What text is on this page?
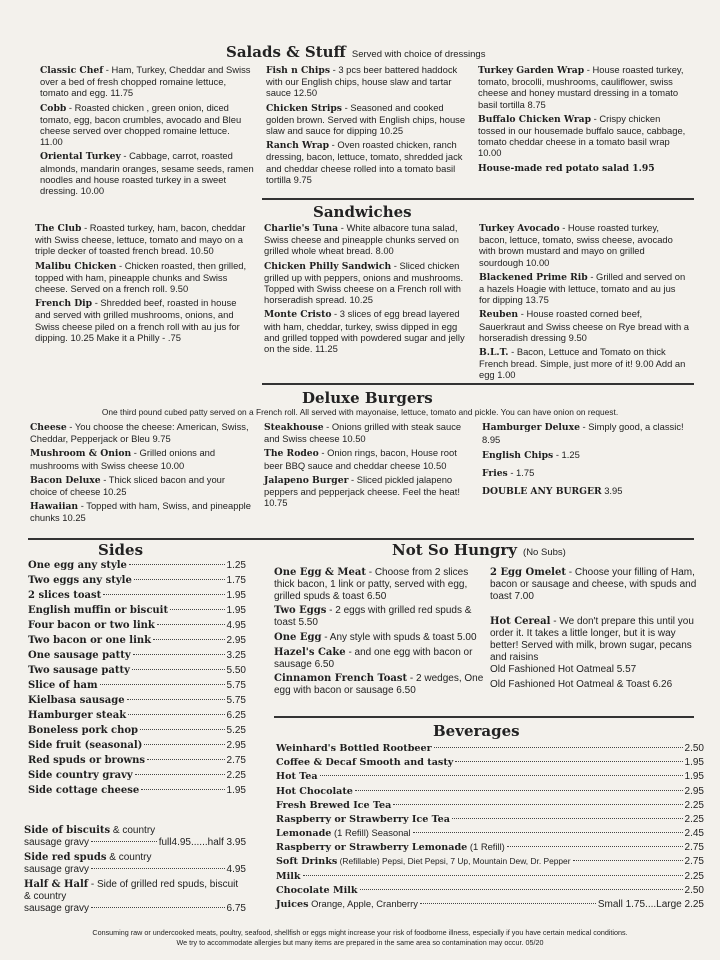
Salads & Stuff Served with choice of dressings
Classic Chef - Ham, Turkey, Cheddar and Swiss over a bed of fresh chopped romaine lettuce, tomato and egg. 11.75
Cobb - Roasted chicken , green onion, diced tomato, egg, bacon crumbles, avocado and Bleu cheese served over chopped romaine lettuce. 11.00
Oriental Turkey - Cabbage, carrot, roasted almonds, mandarin oranges, sesame seeds, ramen noodles and house roasted turkey in a sweet dressing. 10.00
Fish n Chips - 3 pcs beer battered haddock with our English chips, house slaw and tartar sauce 12.50
Chicken Strips - Seasoned and cooked golden brown. Served with English chips, house slaw and sauce for dipping 10.25
Ranch Wrap - Oven roasted chicken, ranch dressing, bacon, lettuce, tomato, shredded jack and cheddar cheese rolled into a tomato basil tortilla 9.75
Turkey Garden Wrap - House roasted turkey, tomato, brocolli, mushrooms, cauliflower, swiss cheese and honey mustard dressing in a tomato basil tortilla 8.75
Buffalo Chicken Wrap - Crispy chicken tossed in our housemade buffalo sauce, cabbage, tomato cheddar cheese in a tomato basil wrap 10.00
House-made red potato salad 1.95
Sandwiches
The Club - Roasted turkey, ham, bacon, cheddar with Swiss cheese, lettuce, tomato and mayo on a triple decker of toasted french bread. 10.50
Malibu Chicken - Chicken roasted, then grilled, topped with ham, pineapple chunks and Swiss cheese. Served on a french roll. 9.50
French Dip - Shredded beef, roasted in house and served with grilled mushrooms, onions, and Swiss cheese piled on a french roll with au jus for dipping. 10.25 Make it a Philly - .75
Charlie's Tuna - White albacore tuna salad, Swiss cheese and pineapple chunks served on grilled whole wheat bread. 8.00
Chicken Philly Sandwich - Sliced chicken grilled up with peppers, onions and mushrooms. Topped with Swiss cheese on a French roll with horseradish spread. 10.25
Monte Cristo - 3 slices of egg bread layered with ham, cheddar, turkey, swiss dipped in egg and grilled topped with powdered sugar and jelly on the side. 11.25
Turkey Avocado - House roasted turkey, bacon, lettuce, tomato, swiss cheese, avocado with brown mustard and mayo on grilled sourdough 10.00
Blackened Prime Rib - Grilled and served on a hazels Hoagie with lettuce, tomato and au jus for dipping 13.75
Reuben - House roasted corned beef, Sauerkraut and Swiss cheese on Rye bread with a horseradish dressing 9.50
B.L.T. - Bacon, Lettuce and Tomato on thick French bread. Simple, just more of it! 9.00 Add an egg 1.00
Deluxe Burgers
One third pound cubed patty served on a French roll. All served with mayonaise, lettuce, tomato and pickle. You can have onion on request.
Cheese - You choose the cheese: American, Swiss, Cheddar, Pepperjack or Bleu 9.75
Mushroom & Onion - Grilled onions and mushrooms with Swiss cheese 10.00
Bacon Deluxe - Thick sliced bacon and your choice of cheese 10.25
Hawaiian - Topped with ham, Swiss, and pineapple chunks 10.25
Steakhouse - Onions grilled with steak sauce and Swiss cheese 10.50
The Rodeo - Onion rings, bacon, House root beer BBQ sauce and cheddar cheese 10.50
Jalapeno Burger - Sliced pickled jalapeno peppers and pepperjack cheese. Feel the heat! 10.75
Hamburger Deluxe - Simply good, a classic! 8.95
English Chips - 1.25
Fries - 1.75
DOUBLE ANY BURGER 3.95
Sides
One egg any style	1.25
Two eggs any style	1.75
2 slices toast	1.95
English muffin or biscuit	1.95
Four bacon or two link	4.95
Two bacon or one link	2.95
One sausage patty	3.25
Two sausage patty	5.50
Slice of ham	5.75
Kielbasa sausage	5.75
Hamburger steak	6.25
Boneless pork chop	5.25
Side fruit (seasonal)	2.95
Red spuds or browns	2.75
Side country gravy	2.25
Side cottage cheese	1.95
Side of biscuits & country
sausage gravy	full4.95......half 3.95
Side red spuds & country
sausage gravy	4.95
Half & Half - Side of grilled red spuds, biscuit & country
sausage gravy	6.75
Not So Hungry (No Subs)
One Egg & Meat - Choose from 2 slices thick bacon, 1 link or patty, served with egg, grilled spuds & toast 6.50
Two Eggs - 2 eggs with grilled red spuds & toast 5.50
One Egg - Any style with spuds & toast 5.00
Hazel's Cake - and one egg with bacon or sausage 6.50
Cinnamon French Toast - 2 wedges, One egg with bacon or sausage 6.50
2 Egg Omelet - Choose your filling of Ham, bacon or sausage and cheese, with spuds and toast 7.00
Hot Cereal - We don't prepare this until you order it. It takes a little longer, but it is way better! Served with milk, brown sugar, pecans and raisins
Old Fashioned Hot Oatmeal 5.57
Old Fashioned Hot Oatmeal & Toast 6.26
Beverages
Weinhard's Bottled Rootbeer	2.50
Coffee & Decaf Smooth and tasty	1.95
Hot Tea	1.95
Hot Chocolate	2.95
Fresh Brewed Ice Tea	2.25
Raspberry or Strawberry Ice Tea	2.25
Lemonade (1 Refill) Seasonal	2.45
Raspberry or Strawberry Lemonade (1 Refill)	2.75
Soft Drinks (Refillable) Pepsi, Diet Pepsi, 7 Up, Mountain Dew, Dr. Pepper	2.75
Milk	2.25
Chocolate Milk	2.50
Juices Orange, Apple, Cranberry	Small 1.75....Large 2.25
Consuming raw or undercooked meats, poultry, seafood, shellfish or eggs might increase your risk of foodborne illness, especially if you have certain medical conditions.
We try to accommodate allergies but many items are prepared in the same area so contamination may occur. 05/20
